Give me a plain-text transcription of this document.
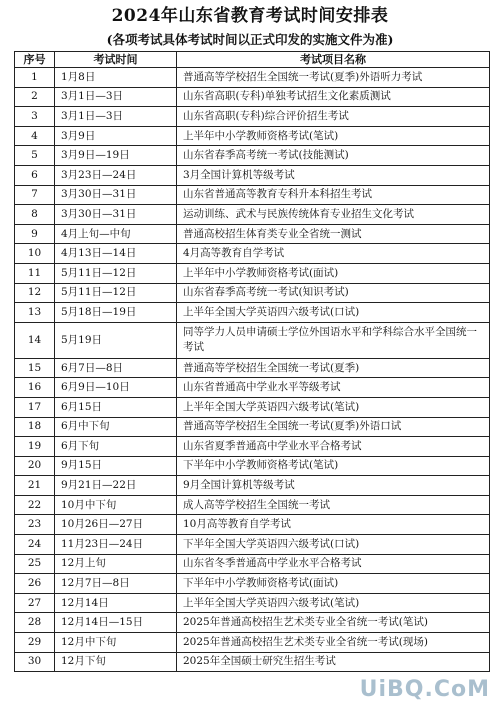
2024年山东省教育考试时间安排表
(各项考试具体考试时间以正式印发的实施文件为准)
序号	考试时间	考试项目名称
1	1月8日	普通高等学校招生全国统一考试(夏季)外语听力考试
2	3月1日—3日	山东省高职(专科)单独考试招生文化素质测试
3	3月1日—3日	山东省高职(专科)综合评价招生考试
4	3月9日	上半年中小学教师资格考试(笔试)
5	3月9日—19日	山东省春季高考统一考试(技能测试)
6	3月23日—24日	3月全国计算机等级考试
7	3月30日—31日	山东省普通高等教育专科升本科招生考试
8	3月30日—31日	运动训练、武术与民族传统体育专业招生文化考试
9	4月上旬—中旬	普通高校招生体育类专业全省统一测试
10	4月13日—14日	4月高等教育自学考试
11	5月11日—12日	上半年中小学教师资格考试(面试)
12	5月11日—12日	山东省春季高考统一考试(知识考试)
13	5月18日—19日	上半年全国大学英语四六级考试(口试)
14	5月19日	同等学力人员申请硕士学位外国语水平和学科综合水平全国统一考试
15	6月7日—8日	普通高等学校招生全国统一考试(夏季)
16	6月9日—10日	山东省普通高中学业水平等级考试
17	6月15日	上半年全国大学英语四六级考试(笔试)
18	6月中下旬	普通高等学校招生全国统一考试(夏季)外语口试
19	6月下旬	山东省夏季普通高中学业水平合格考试
20	9月15日	下半年中小学教师资格考试(笔试)
21	9月21日—22日	9月全国计算机等级考试
22	10月中下旬	成人高等学校招生全国统一考试
23	10月26日—27日	10月高等教育自学考试
24	11月23日—24日	下半年全国大学英语四六级考试(口试)
25	12月上旬	山东省冬季普通高中学业水平合格考试
26	12月7日—8日	下半年中小学教师资格考试(面试)
27	12月14日	上半年全国大学英语四六级考试(笔试)
28	12月14日—15日	2025年普通高校招生艺术类专业全省统一考试(笔试)
29	12月中下旬	2025年普通高校招生艺术类专业全省统一考试(现场)
30	12月下旬	2025年全国硕士研究生招生考试
UiBQ.CoM
